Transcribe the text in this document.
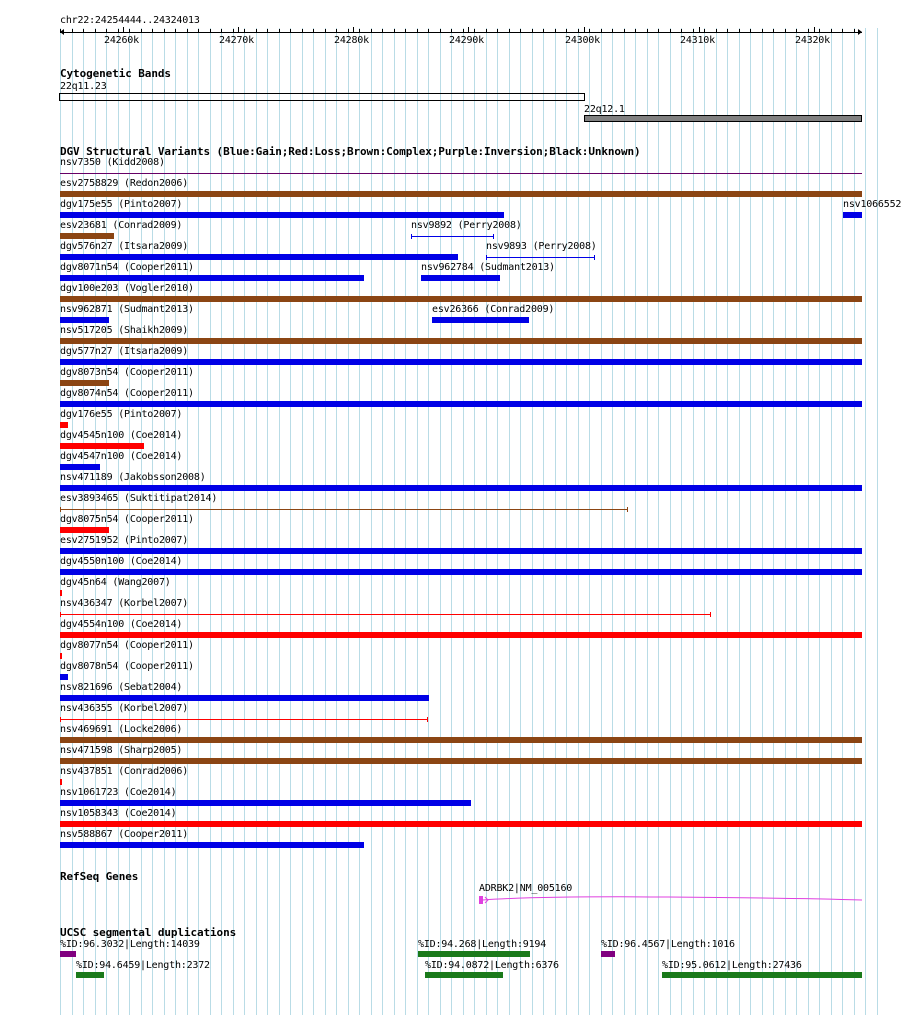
chr22:24254444..24324013
24260k	24270k	24280k	24290k	24300k	24310k	24320k
Cytogenetic Bands
22q11.23
22q12.1
DGV Structural Variants (Blue:Gain;Red:Loss;Brown:Complex;Purple:Inversion;Black:Unknown)
nsv7350 (Kidd2008)
esv2758829 (Redon2006)
dgv175e55 (Pinto2007)	nsv1066552
esv23681 (Conrad2009)	nsv9892 (Perry2008)
dgv576n27 (Itsara2009)	nsv9893 (Perry2008)
dgv8071n54 (Cooper2011)	nsv962784 (Sudmant2013)
dgv100e203 (Vogler2010)
nsv962871 (Sudmant2013)	esv26366 (Conrad2009)
nsv517205 (Shaikh2009)
dgv577n27 (Itsara2009)
dgv8073n54 (Cooper2011)
dgv8074n54 (Cooper2011)
dgv176e55 (Pinto2007)
dgv4545n100 (Coe2014)
dgv4547n100 (Coe2014)
nsv471189 (Jakobsson2008)
esv3893465 (Suktitipat2014)
dgv8075n54 (Cooper2011)
esv2751952 (Pinto2007)
dgv4550n100 (Coe2014)
dgv45n64 (Wang2007)
nsv436347 (Korbel2007)
dgv4554n100 (Coe2014)
dgv8077n54 (Cooper2011)
dgv8078n54 (Cooper2011)
nsv821696 (Sebat2004)
nsv436355 (Korbel2007)
nsv469691 (Locke2006)
nsv471598 (Sharp2005)
nsv437851 (Conrad2006)
nsv1061723 (Coe2014)
nsv1058343 (Coe2014)
nsv588867 (Cooper2011)
RefSeq Genes
ADRBK2|NM_005160
UCSC segmental duplications
%ID:96.3032|Length:14039	%ID:94.268|Length:9194	%ID:96.4567|Length:1016
%ID:94.6459|Length:2372	%ID:94.0872|Length:6376	%ID:95.0612|Length:27436
